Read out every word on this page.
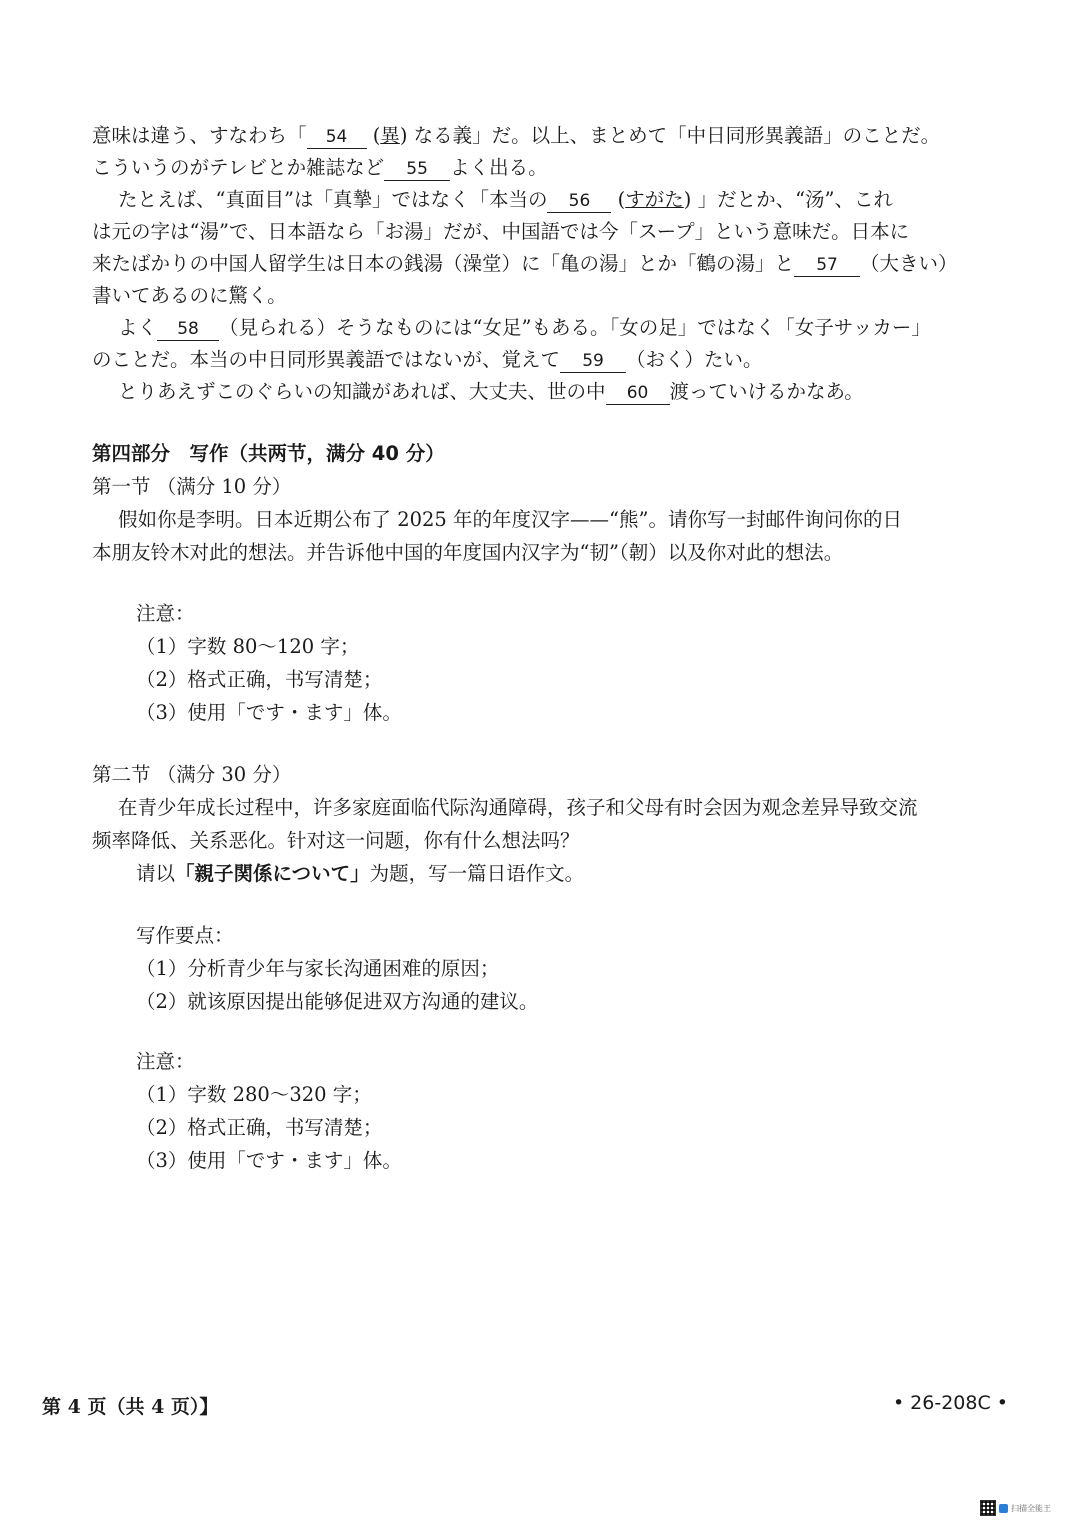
意味は違う、すなわち「 54 (異) なる義」だ。以上、まとめて「中日同形異義語」のことだ。
こういうのがテレビとか雑誌など 55 よく出る。
たとえば、“真面目”は「真摯」ではなく「本当の 56 (すがた) 」だとか、“汤”、これ
は元の字は“湯”で、日本語なら「お湯」だが、中国語では今「スープ」という意味だ。日本に
来たばかりの中国人留学生は日本の銭湯（澡堂）に「亀の湯」とか「鶴の湯」と 57 （大きい）
書いてあるのに驚く。
よく 58 （見られる）そうなものには“女足”もある。「女の足」ではなく「女子サッカー」
のことだ。本当の中日同形異義語ではないが、覚えて 59 （おく）たい。
とりあえずこのぐらいの知識があれば、大丈夫、世の中 60 渡っていけるかなあ。
第四部分　写作（共两节，满分 40 分）
第一节 （满分 10 分）
假如你是李明。日本近期公布了 2025 年的年度汉字——“熊”。请你写一封邮件询问你的日
本朋友铃木对此的想法。并告诉他中国的年度国内汉字为“韧”（韌）以及你对此的想法。
注意：
（1）字数 80～120 字；
（2）格式正确，书写清楚；
（3）使用「です・ます」体。
第二节 （满分 30 分）
在青少年成长过程中，许多家庭面临代际沟通障碍，孩子和父母有时会因为观念差异导致交流
频率降低、关系恶化。针对这一问题，你有什么想法吗？
请以「親子関係について」为题，写一篇日语作文。
写作要点：
（1）分析青少年与家长沟通困难的原因；
（2）就该原因提出能够促进双方沟通的建议。
注意：
（1）字数 280～320 字；
（2）格式正确，书写清楚；
（3）使用「です・ます」体。
第 4 页（共 4 页）】	• 26-208C •
扫描全能王
